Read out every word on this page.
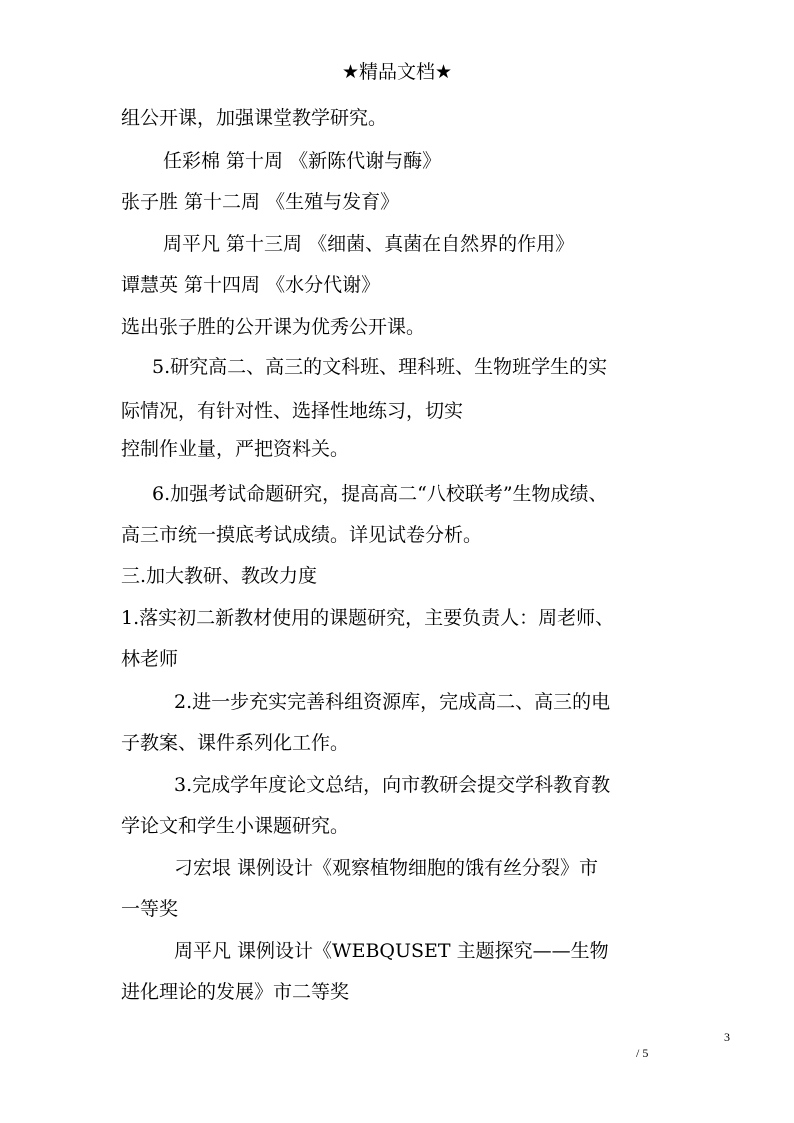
★精品文档★
组公开课，加强课堂教学研究。
任彩棉 第十周 《新陈代谢与酶》
张子胜 第十二周 《生殖与发育》
周平凡 第十三周 《细菌、真菌在自然界的作用》
谭慧英 第十四周 《水分代谢》
选出张子胜的公开课为优秀公开课。
5.研究高二、高三的文科班、理科班、生物班学生的实
际情况，有针对性、选择性地练习，切实
控制作业量，严把资料关。
6.加强考试命题研究，提高高二“八校联考”生物成绩、
高三市统一摸底考试成绩。详见试卷分析。
三.加大教研、教改力度
1.落实初二新教材使用的课题研究，主要负责人：周老师、
林老师
2.进一步充实完善科组资源库，完成高二、高三的电
子教案、课件系列化工作。
3.完成学年度论文总结，向市教研会提交学科教育教
学论文和学生小课题研究。
刁宏垠 课例设计《观察植物细胞的饿有丝分裂》市
一等奖
周平凡 课例设计《WEBQUSET 主题探究——生物
进化理论的发展》市二等奖
3
/ 5
